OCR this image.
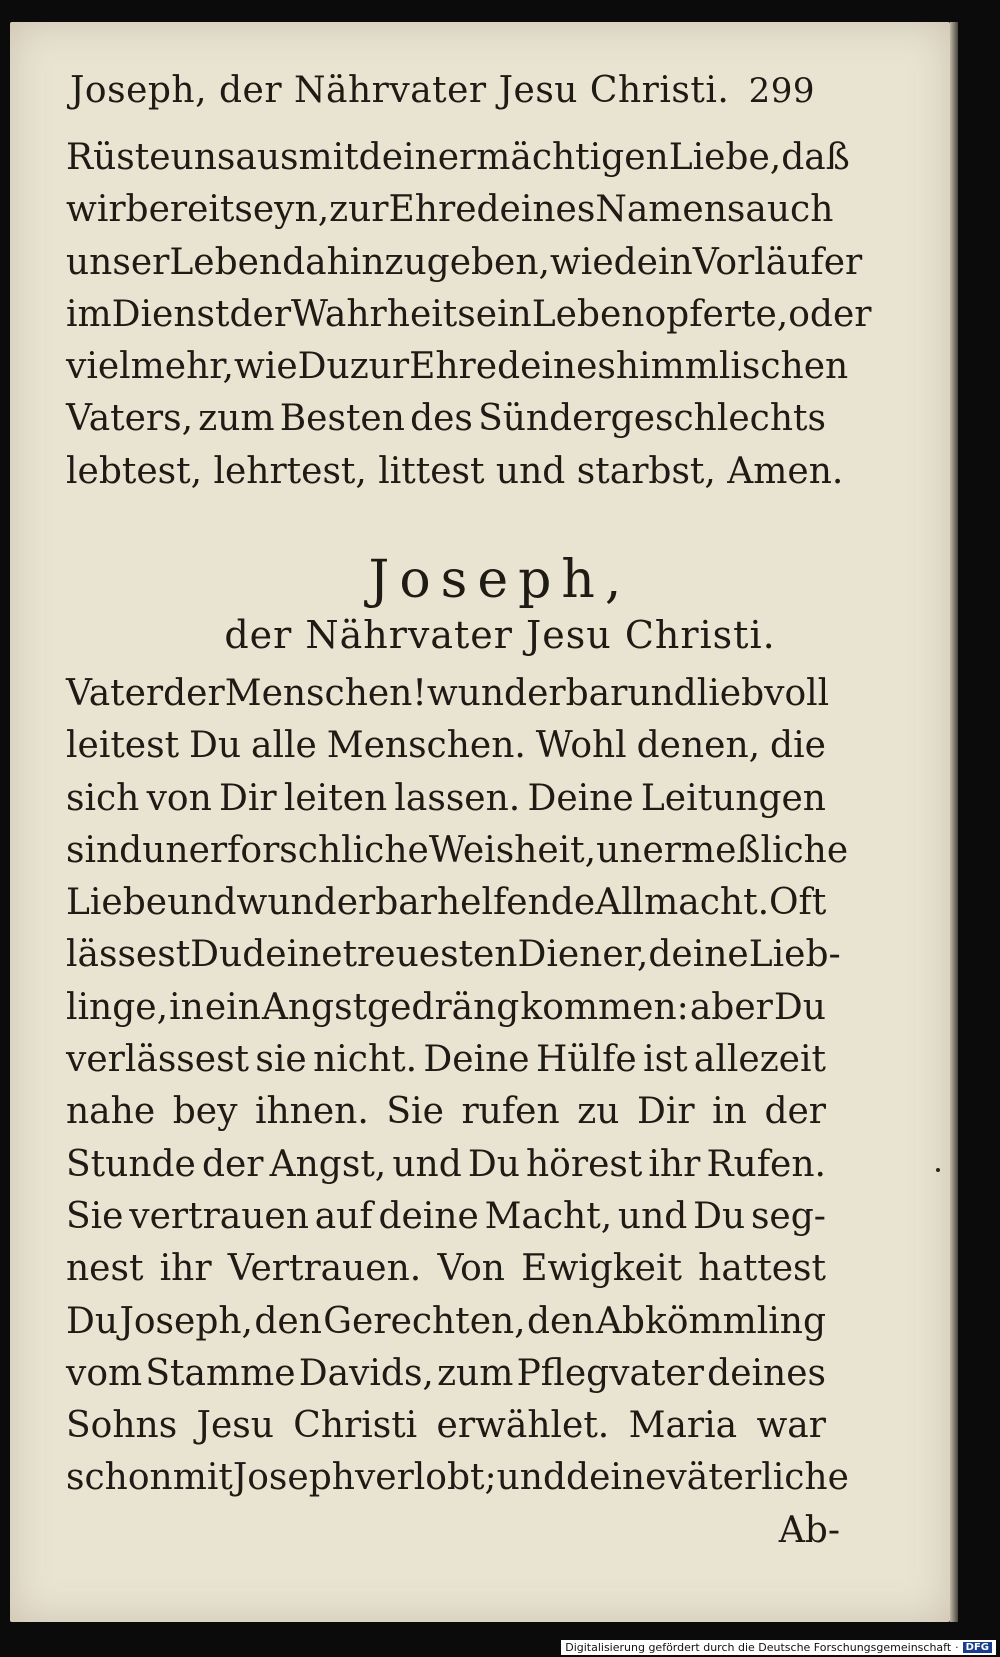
Joseph, der Nährvater Jesu Christi. 299
Rüste uns aus mit deiner mächtigen Liebe, daß
wir bereit seyn, zur Ehre deines Namens auch
unser Leben dahinzugeben, wie dein Vorläufer
im Dienst der Wahrheit sein Leben opferte, oder
vielmehr, wie Du zur Ehre deines himmlischen
Vaters, zum Besten des Sündergeschlechts
lebtest, lehrtest, littest und starbst, Amen.
Joseph,
der Nährvater Jesu Christi.
Vater der Menschen! wunderbar und liebvoll
leitest Du alle Menschen. Wohl denen, die
sich von Dir leiten lassen. Deine Leitungen
sind unerforschliche Weisheit, unermeßliche
Liebe und wunderbar helfende Allmacht. Oft
lässest Du deine treuesten Diener, deine Lieb-
linge, in ein Angstgedräng kommen: aber Du
verlässest sie nicht. Deine Hülfe ist allezeit
nahe bey ihnen. Sie rufen zu Dir in der
Stunde der Angst, und Du hörest ihr Rufen.
Sie vertrauen auf deine Macht, und Du seg-
nest ihr Vertrauen. Von Ewigkeit hattest
Du Joseph, den Gerechten, den Abkömmling
vom Stamme Davids, zum Pflegvater deines
Sohns Jesu Christi erwählet. Maria war
schon mit Joseph verlobt; und deine väterliche
Ab-
Digitalisierung gefördert durch die Deutsche Forschungsgemeinschaft · DFG
